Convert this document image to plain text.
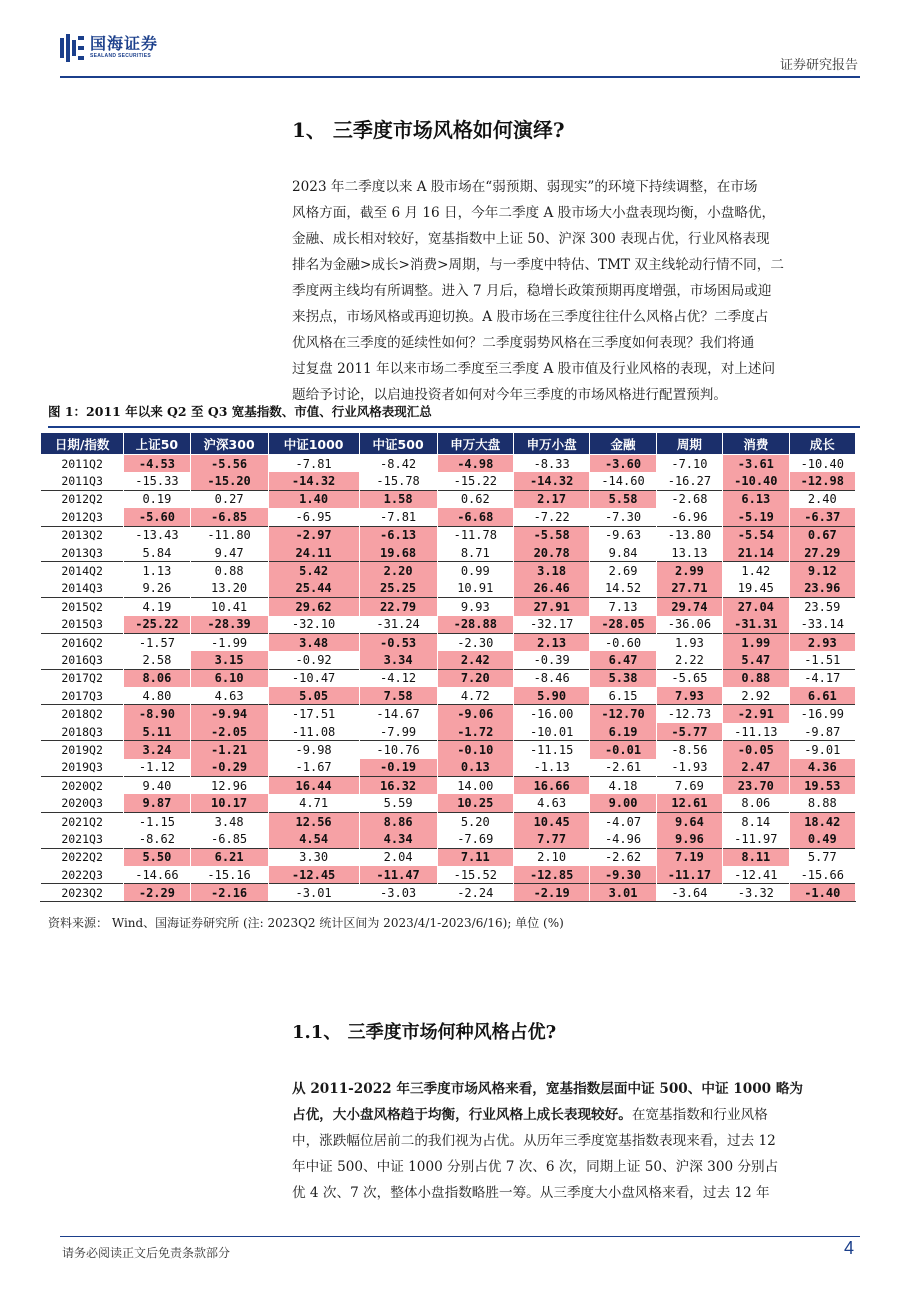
国海证券
SEALAND SECURITIES
证券研究报告
1、 三季度市场风格如何演绎?
2023 年二季度以来 A 股市场在“弱预期、弱现实”的环境下持续调整，在市场
风格方面，截至 6 月 16 日，今年二季度 A 股市场大小盘表现均衡，小盘略优，
金融、成长相对较好，宽基指数中上证 50、沪深 300 表现占优，行业风格表现
排名为金融>成长>消费>周期，与一季度中特估、TMT 双主线轮动行情不同，二
季度两主线均有所调整。进入 7 月后，稳增长政策预期再度增强，市场困局或迎
来拐点，市场风格或再迎切换。A 股市场在三季度往往什么风格占优？二季度占
优风格在三季度的延续性如何？二季度弱势风格在三季度如何表现？我们将通
过复盘 2011 年以来市场二季度至三季度 A 股市值及行业风格的表现，对上述问
题给予讨论，以启迪投资者如何对今年三季度的市场风格进行配置预判。
图 1：2011 年以来 Q2 至 Q3 宽基指数、市值、行业风格表现汇总
日期/指数	上证50	沪深300	中证1000	中证500	申万大盘	申万小盘	金融	周期	消费	成长
2011Q2	-4.53	-5.56	-7.81	-8.42	-4.98	-8.33	-3.60	-7.10	-3.61	-10.40
2011Q3	-15.33	-15.20	-14.32	-15.78	-15.22	-14.32	-14.60	-16.27	-10.40	-12.98
2012Q2	0.19	0.27	1.40	1.58	0.62	2.17	5.58	-2.68	6.13	2.40
2012Q3	-5.60	-6.85	-6.95	-7.81	-6.68	-7.22	-7.30	-6.96	-5.19	-6.37
2013Q2	-13.43	-11.80	-2.97	-6.13	-11.78	-5.58	-9.63	-13.80	-5.54	0.67
2013Q3	5.84	9.47	24.11	19.68	8.71	20.78	9.84	13.13	21.14	27.29
2014Q2	1.13	0.88	5.42	2.20	0.99	3.18	2.69	2.99	1.42	9.12
2014Q3	9.26	13.20	25.44	25.25	10.91	26.46	14.52	27.71	19.45	23.96
2015Q2	4.19	10.41	29.62	22.79	9.93	27.91	7.13	29.74	27.04	23.59
2015Q3	-25.22	-28.39	-32.10	-31.24	-28.88	-32.17	-28.05	-36.06	-31.31	-33.14
2016Q2	-1.57	-1.99	3.48	-0.53	-2.30	2.13	-0.60	1.93	1.99	2.93
2016Q3	2.58	3.15	-0.92	3.34	2.42	-0.39	6.47	2.22	5.47	-1.51
2017Q2	8.06	6.10	-10.47	-4.12	7.20	-8.46	5.38	-5.65	0.88	-4.17
2017Q3	4.80	4.63	5.05	7.58	4.72	5.90	6.15	7.93	2.92	6.61
2018Q2	-8.90	-9.94	-17.51	-14.67	-9.06	-16.00	-12.70	-12.73	-2.91	-16.99
2018Q3	5.11	-2.05	-11.08	-7.99	-1.72	-10.01	6.19	-5.77	-11.13	-9.87
2019Q2	3.24	-1.21	-9.98	-10.76	-0.10	-11.15	-0.01	-8.56	-0.05	-9.01
2019Q3	-1.12	-0.29	-1.67	-0.19	0.13	-1.13	-2.61	-1.93	2.47	4.36
2020Q2	9.40	12.96	16.44	16.32	14.00	16.66	4.18	7.69	23.70	19.53
2020Q3	9.87	10.17	4.71	5.59	10.25	4.63	9.00	12.61	8.06	8.88
2021Q2	-1.15	3.48	12.56	8.86	5.20	10.45	-4.07	9.64	8.14	18.42
2021Q3	-8.62	-6.85	4.54	4.34	-7.69	7.77	-4.96	9.96	-11.97	0.49
2022Q2	5.50	6.21	3.30	2.04	7.11	2.10	-2.62	7.19	8.11	5.77
2022Q3	-14.66	-15.16	-12.45	-11.47	-15.52	-12.85	-9.30	-11.17	-12.41	-15.66
2023Q2	-2.29	-2.16	-3.01	-3.03	-2.24	-2.19	3.01	-3.64	-3.32	-1.40
资料来源： Wind、国海证券研究所 (注: 2023Q2 统计区间为 2023/4/1-2023/6/16); 单位 (%)
1.1、 三季度市场何种风格占优?
从 2011-2022 年三季度市场风格来看，宽基指数层面中证 500、中证 1000 略为
占优，大小盘风格趋于均衡，行业风格上成长表现较好。在宽基指数和行业风格
中，涨跌幅位居前二的我们视为占优。从历年三季度宽基指数表现来看，过去 12
年中证 500、中证 1000 分别占优 7 次、6 次，同期上证 50、沪深 300 分别占
优 4 次、7 次，整体小盘指数略胜一筹。从三季度大小盘风格来看，过去 12 年
请务必阅读正文后免责条款部分	4
